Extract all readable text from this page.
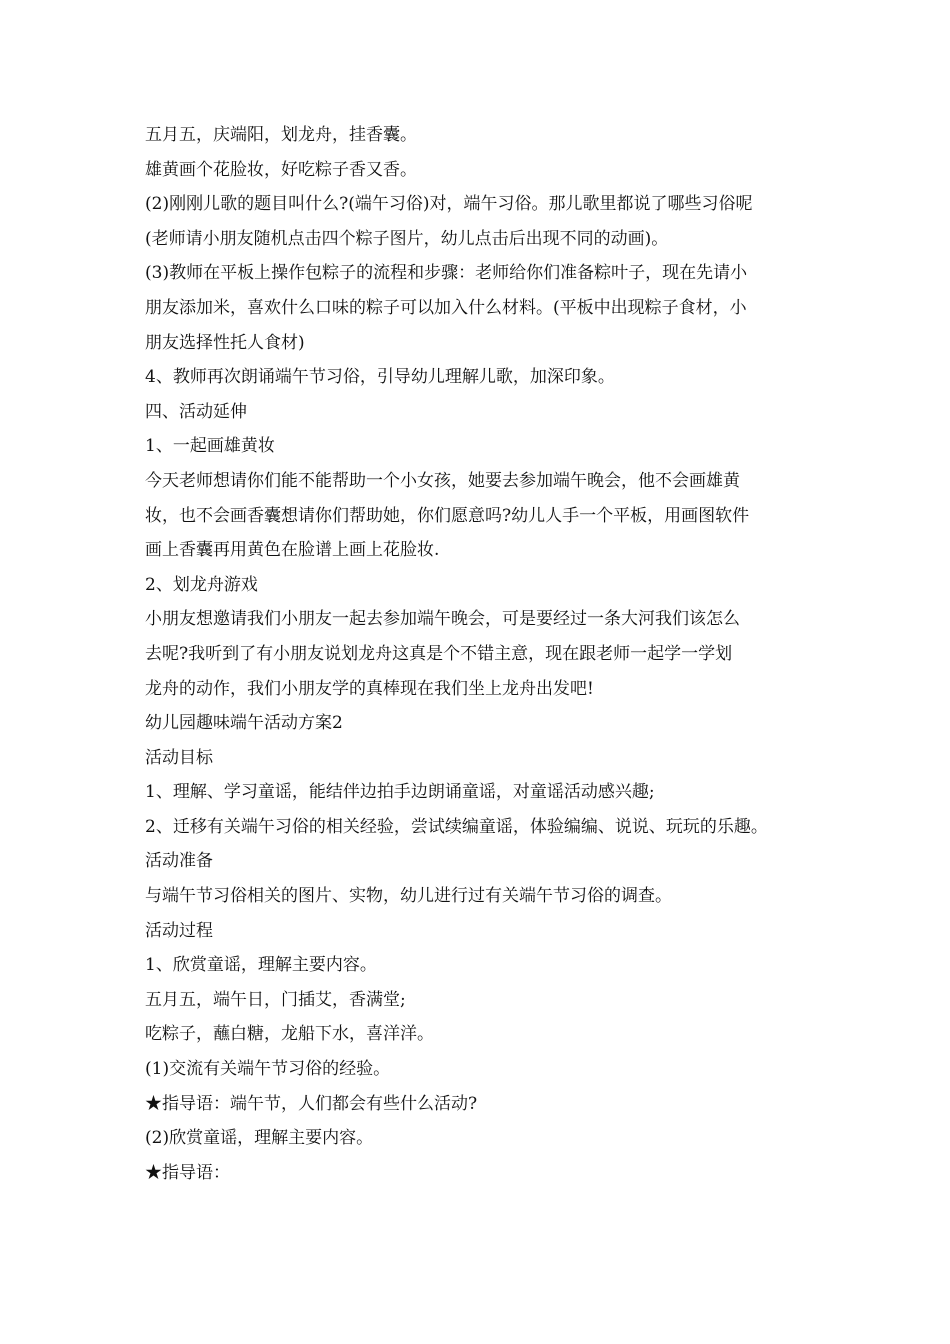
五月五，庆端阳，划龙舟，挂香囊。
雄黄画个花脸妆，好吃粽子香又香。
(2)刚刚儿歌的题目叫什么?(端午习俗)对，端午习俗。那儿歌里都说了哪些习俗呢
(老师请小朋友随机点击四个粽子图片，幼儿点击后出现不同的动画)。
(3)教师在平板上操作包粽子的流程和步骤：老师给你们准备粽叶子，现在先请小
朋友添加米，喜欢什么口味的粽子可以加入什么材料。(平板中出现粽子食材，小
朋友选择性托人食材)
4、教师再次朗诵端午节习俗，引导幼儿理解儿歌，加深印象。
四、活动延伸
1、一起画雄黄妆
今天老师想请你们能不能帮助一个小女孩，她要去参加端午晚会，他不会画雄黄
妆，也不会画香囊想请你们帮助她，你们愿意吗?幼儿人手一个平板，用画图软件
画上香囊再用黄色在脸谱上画上花脸妆.
2、划龙舟游戏
小朋友想邀请我们小朋友一起去参加端午晚会，可是要经过一条大河我们该怎么
去呢?我听到了有小朋友说划龙舟这真是个不错主意，现在跟老师一起学一学划
龙舟的动作，我们小朋友学的真棒现在我们坐上龙舟出发吧!
幼儿园趣味端午活动方案2
活动目标
1、理解、学习童谣，能结伴边拍手边朗诵童谣，对童谣活动感兴趣;
2、迁移有关端午习俗的相关经验，尝试续编童谣，体验编编、说说、玩玩的乐趣。
活动准备
与端午节习俗相关的图片、实物，幼儿进行过有关端午节习俗的调查。
活动过程
1、欣赏童谣，理解主要内容。
五月五，端午日，门插艾，香满堂;
吃粽子，蘸白糖，龙船下水，喜洋洋。
(1)交流有关端午节习俗的经验。
★指导语：端午节，人们都会有些什么活动?
(2)欣赏童谣，理解主要内容。
★指导语：
